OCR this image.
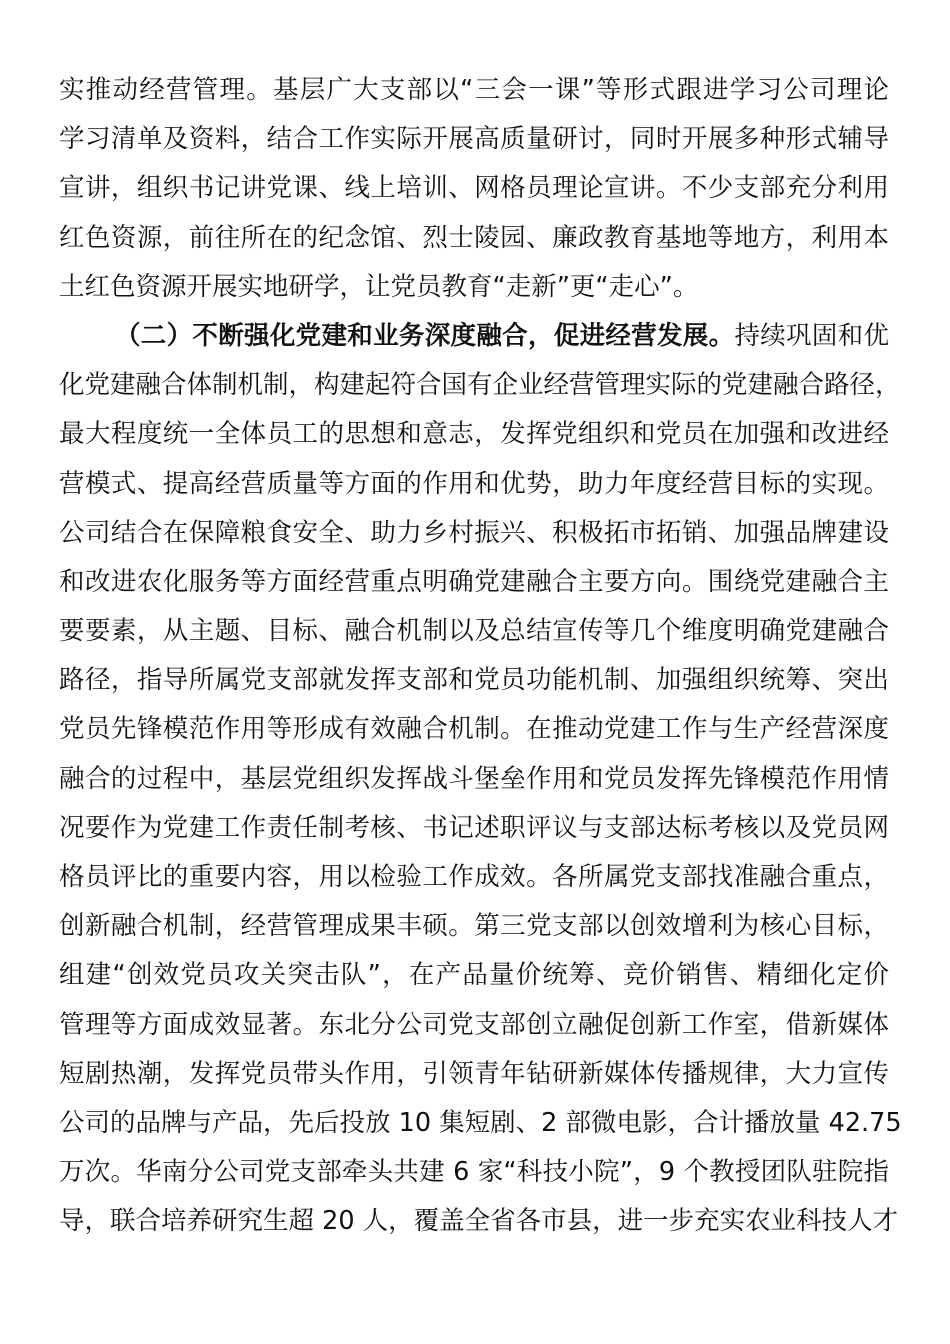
实推动经营管理。基层广大支部以“三会一课”等形式跟进学习公司理论
学习清单及资料，结合工作实际开展高质量研讨，同时开展多种形式辅导
宣讲，组织书记讲党课、线上培训、网格员理论宣讲。不少支部充分利用
红色资源，前往所在的纪念馆、烈士陵园、廉政教育基地等地方，利用本
土红色资源开展实地研学，让党员教育“走新”更“走心”。
（二）不断强化党建和业务深度融合，促进经营发展。持续巩固和优
化党建融合体制机制，构建起符合国有企业经营管理实际的党建融合路径，
最大程度统一全体员工的思想和意志，发挥党组织和党员在加强和改进经
营模式、提高经营质量等方面的作用和优势，助力年度经营目标的实现。
公司结合在保障粮食安全、助力乡村振兴、积极拓市拓销、加强品牌建设
和改进农化服务等方面经营重点明确党建融合主要方向。围绕党建融合主
要要素，从主题、目标、融合机制以及总结宣传等几个维度明确党建融合
路径，指导所属党支部就发挥支部和党员功能机制、加强组织统筹、突出
党员先锋模范作用等形成有效融合机制。在推动党建工作与生产经营深度
融合的过程中，基层党组织发挥战斗堡垒作用和党员发挥先锋模范作用情
况要作为党建工作责任制考核、书记述职评议与支部达标考核以及党员网
格员评比的重要内容，用以检验工作成效。各所属党支部找准融合重点，
创新融合机制，经营管理成果丰硕。第三党支部以创效增利为核心目标，
组建“创效党员攻关突击队”，在产品量价统筹、竞价销售、精细化定价
管理等方面成效显著。东北分公司党支部创立融促创新工作室，借新媒体
短剧热潮，发挥党员带头作用，引领青年钻研新媒体传播规律，大力宣传
公司的品牌与产品，先后投放 10 集短剧、2 部微电影，合计播放量 42.75
万次。华南分公司党支部牵头共建 6 家“科技小院”，9 个教授团队驻院指
导，联合培养研究生超 20 人，覆盖全省各市县，进一步充实农业科技人才
